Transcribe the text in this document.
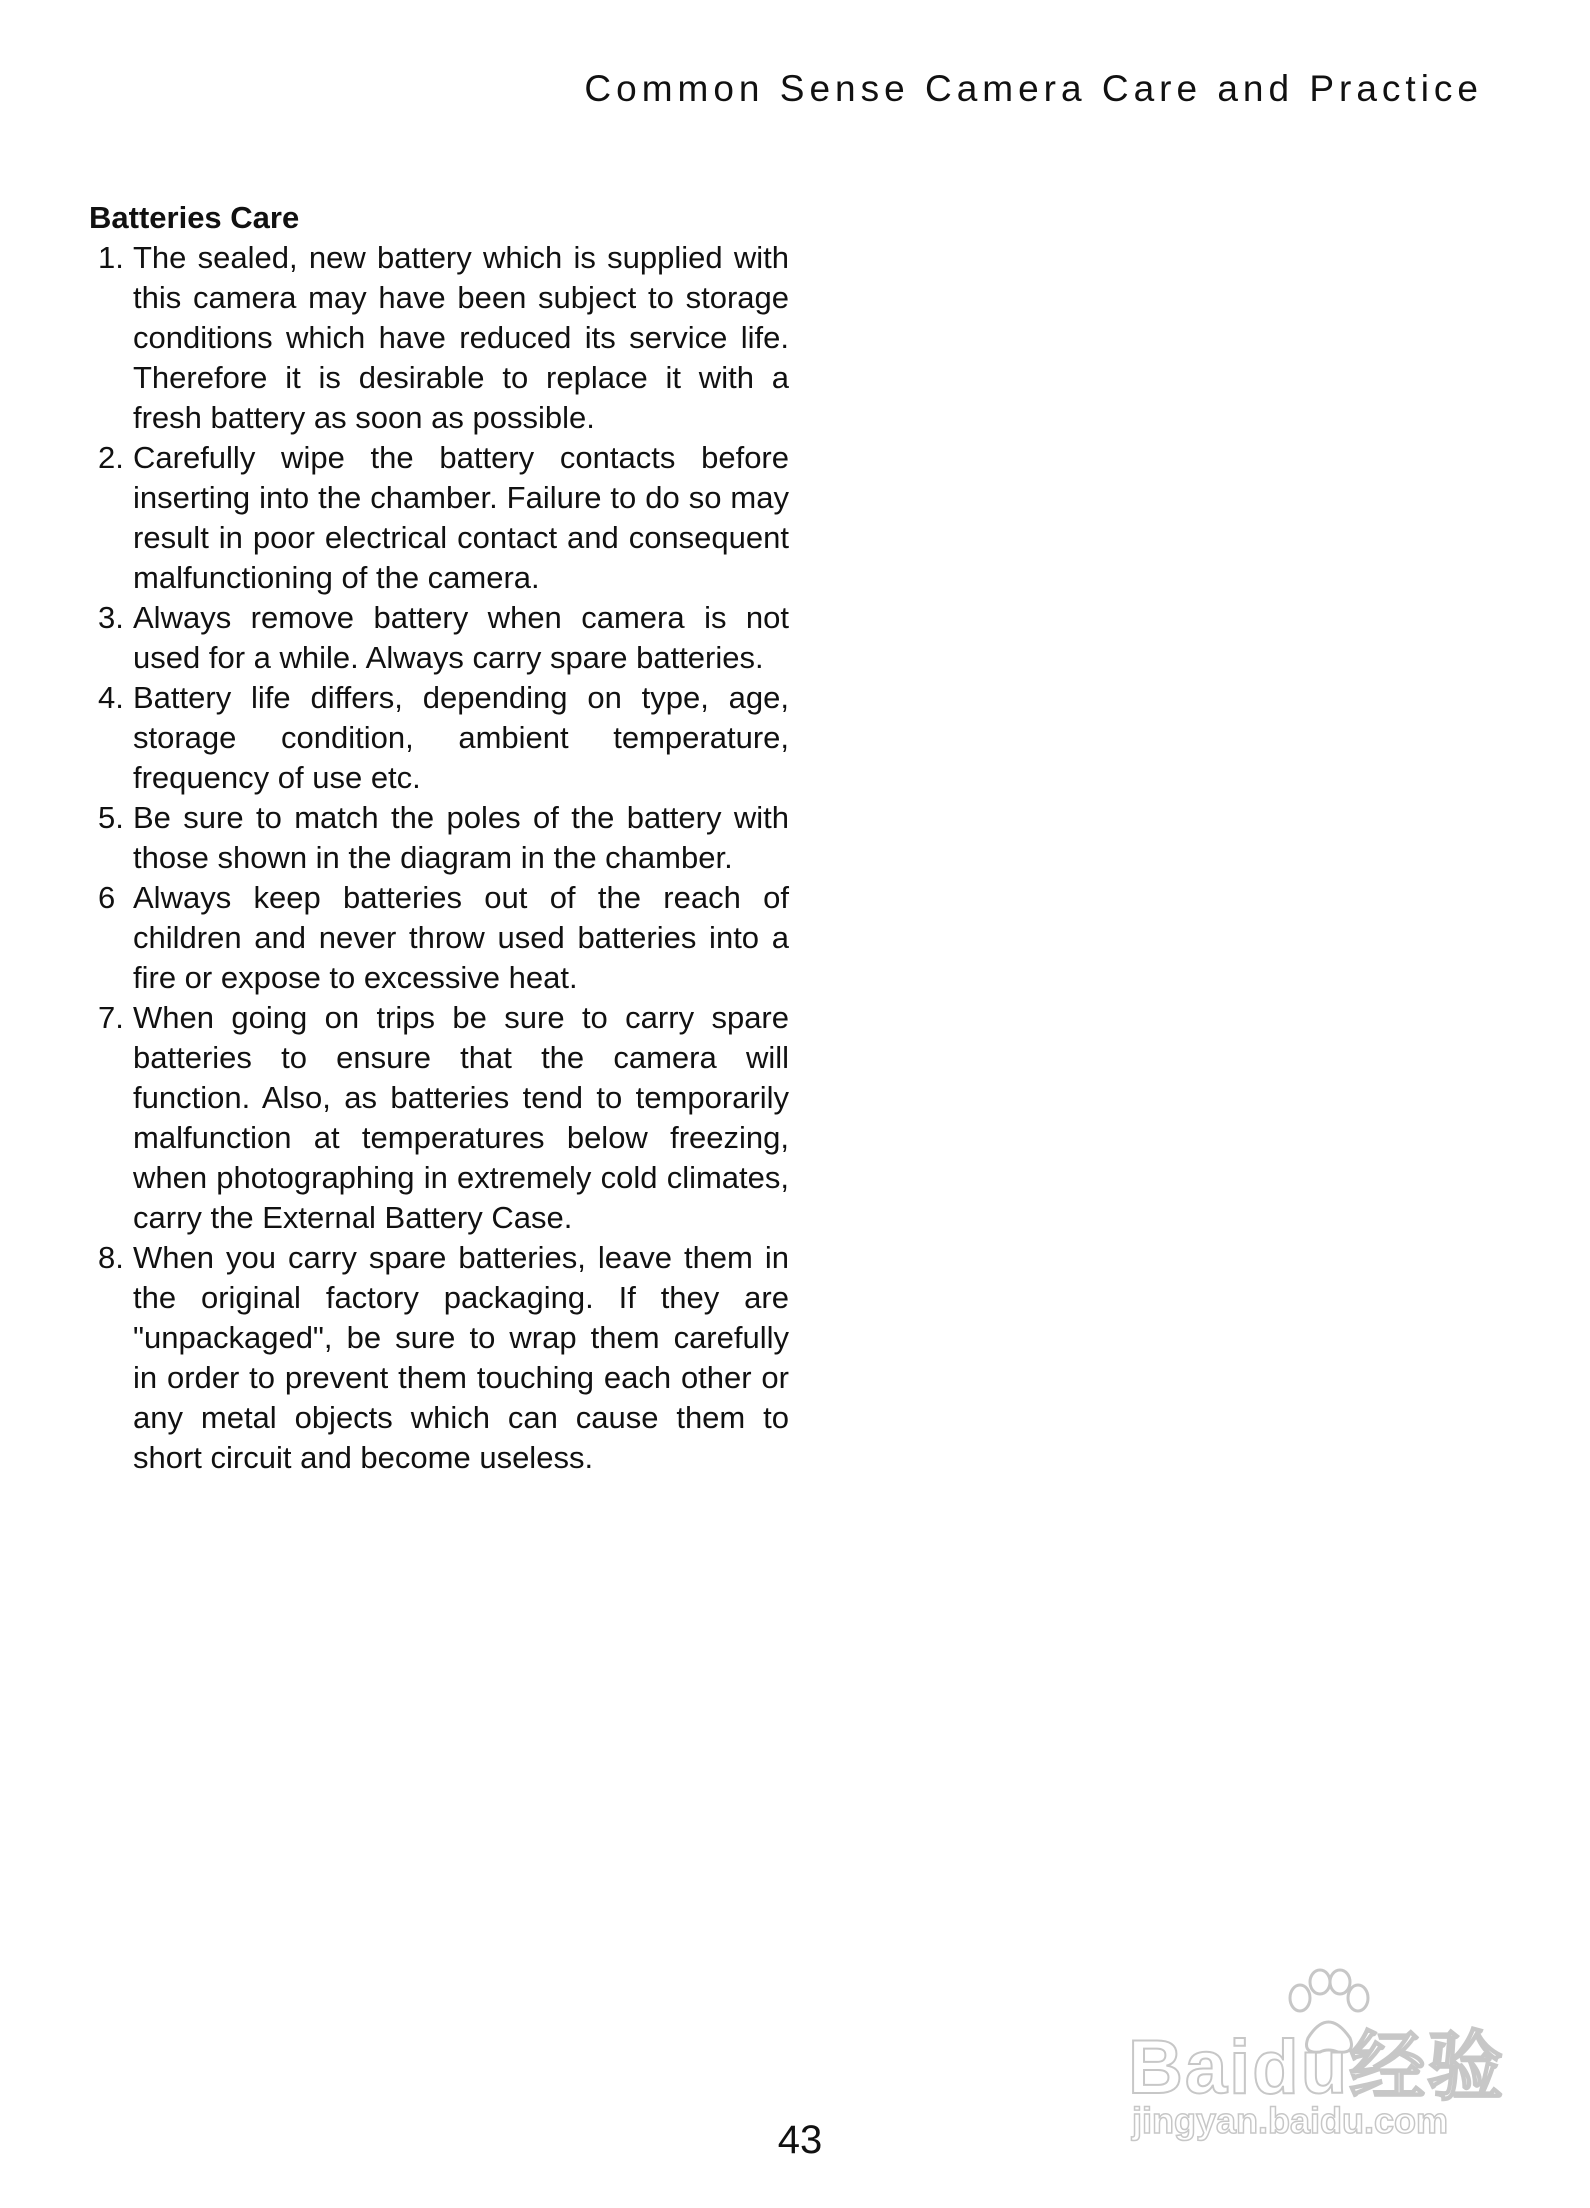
Common Sense Camera Care and Practice
Batteries Care
1. The sealed, new battery which is supplied with this camera may have been subject to storage conditions which have reduced its service life. Therefore it is desirable to replace it with a fresh battery as soon as possible.
2. Carefully wipe the battery contacts before inserting into the chamber. Failure to do so may result in poor electrical contact and consequent malfunctioning of the camera.
3. Always remove battery when camera is not used for a while. Always carry spare batteries.
4. Battery life differs, depending on type, age, storage condition, ambient temperature, frequency of use etc.
5. Be sure to match the poles of the battery with those shown in the diagram in the chamber.
6 Always keep batteries out of the reach of children and never throw used batteries into a fire or expose to excessive heat.
7. When going on trips be sure to carry spare batteries to ensure that the camera will function. Also, as batteries tend to temporarily malfunction at temperatures below freezing, when photographing in extremely cold climates, carry the External Battery Case.
8. When you carry spare batteries, leave them in the original factory packaging. If they are "unpackaged", be sure to wrap them carefully in order to prevent them touching each other or any metal objects which can cause them to short circuit and become useless.
43
Baidu经验
jingyan.baidu.com
